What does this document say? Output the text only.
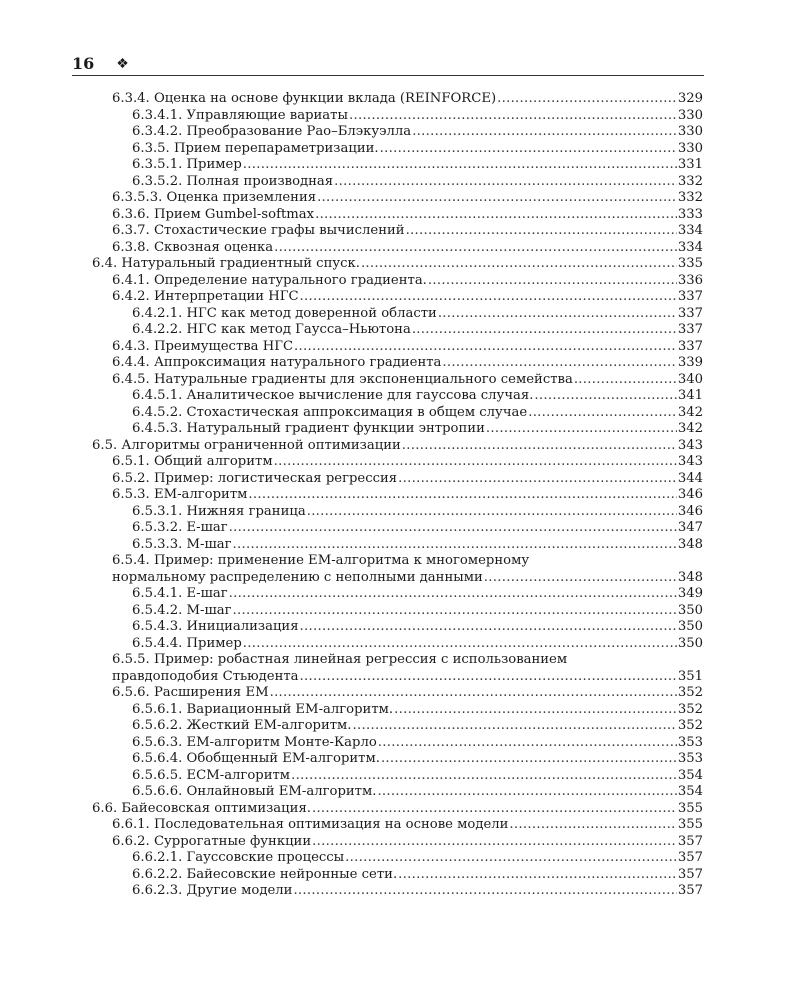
16 ❖
6.3.4. Оценка на основе функции вклада (REINFORCE) .....	329
6.3.4.1. Управляющие вариаты .....	330
6.3.4.2. Преобразование Рао–Блэкуэлла .....	330
6.3.5. Прием перепараметризации. .....	330
6.3.5.1. Пример .....	331
6.3.5.2. Полная производная .....	332
6.3.5.3. Оценка приземления .....	332
6.3.6. Прием Gumbel-softmax .....	333
6.3.7. Стохастические графы вычислений .....	334
6.3.8. Сквозная оценка .....	334
6.4. Натуральный градиентный спуск. .....	335
6.4.1. Определение натурального градиента. .....	336
6.4.2. Интерпретации НГС .....	337
6.4.2.1. НГС как метод доверенной области .....	337
6.4.2.2. НГС как метод Гаусса–Ньютона .....	337
6.4.3. Преимущества НГС .....	337
6.4.4. Аппроксимация натурального градиента .....	339
6.4.5. Натуральные градиенты для экспоненциального семейства .....	340
6.4.5.1. Аналитическое вычисление для гауссова случая. .....	341
6.4.5.2. Стохастическая аппроксимация в общем случае .....	342
6.4.5.3. Натуральный градиент функции энтропии .....	342
6.5. Алгоритмы ограниченной оптимизации .....	343
6.5.1. Общий алгоритм .....	343
6.5.2. Пример: логистическая регрессия .....	344
6.5.3. ЕМ-алгоритм .....	346
6.5.3.1. Нижняя граница .....	346
6.5.3.2. Е-шаг .....	347
6.5.3.3. М-шаг .....	348
6.5.4. Пример: применение ЕМ-алгоритма к многомерному
нормальному распределению с неполными данными .....	348
6.5.4.1. Е-шаг .....	349
6.5.4.2. М-шаг .....	350
6.5.4.3. Инициализация .....	350
6.5.4.4. Пример .....	350
6.5.5. Пример: робастная линейная регрессия с использованием
правдоподобия Стьюдента .....	351
6.5.6. Расширения ЕМ .....	352
6.5.6.1. Вариационный ЕМ-алгоритм. .....	352
6.5.6.2. Жесткий ЕМ-алгоритм. .....	352
6.5.6.3. ЕМ-алгоритм Монте-Карло .....	353
6.5.6.4. Обобщенный ЕМ-алгоритм. .....	353
6.5.6.5. ЕСМ-алгоритм .....	354
6.5.6.6. Онлайновый ЕМ-алгоритм. .....	354
6.6. Байесовская оптимизация. .....	355
6.6.1. Последовательная оптимизация на основе модели .....	355
6.6.2. Суррогатные функции .....	357
6.6.2.1. Гауссовские процессы .....	357
6.6.2.2. Байесовские нейронные сети. .....	357
6.6.2.3. Другие модели .....	357
